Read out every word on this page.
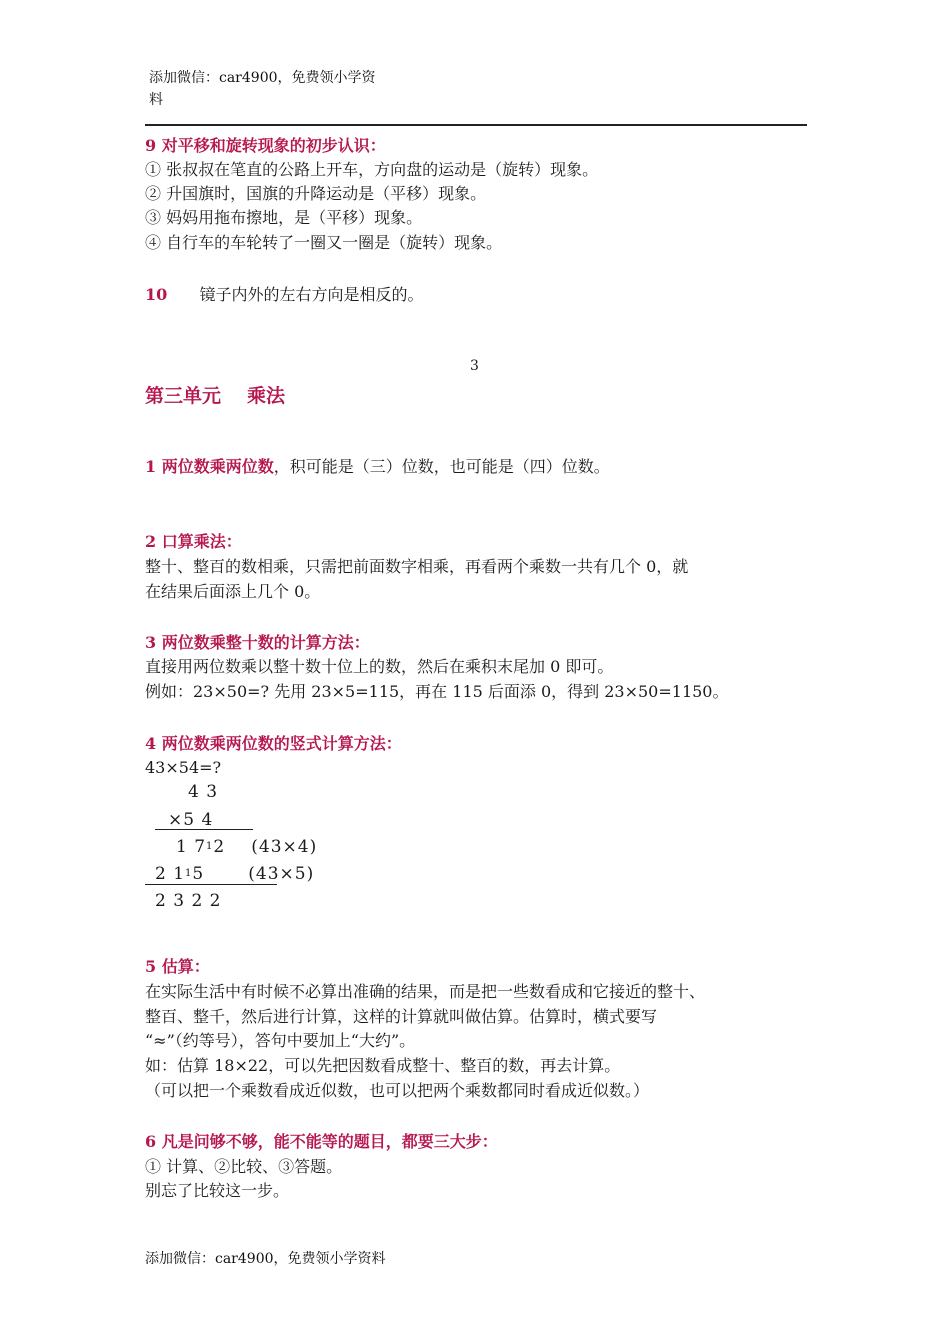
添加微信：car4900，免费领小学资
料
9 对平移和旋转现象的初步认识：
① 张叔叔在笔直的公路上开车，方向盘的运动是（旋转）现象。
② 升国旗时，国旗的升降运动是（平移）现象。
③ 妈妈用拖布擦地，是（平移）现象。
④ 自行车的车轮转了一圈又一圈是（旋转）现象。
10 镜子内外的左右方向是相反的。
3
第三单元 乘法
1 两位数乘两位数，积可能是（三）位数，也可能是（四）位数。
2 口算乘法：
整十、整百的数相乘，只需把前面数字相乘，再看两个乘数一共有几个 0，就
在结果后面添上几个 0。
3 两位数乘整十数的计算方法：
直接用两位数乘以整十数十位上的数，然后在乘积末尾加 0 即可。
例如：23×50=? 先用 23×5=115，再在 115 后面添 0，得到 23×50=1150。
4 两位数乘两位数的竖式计算方法：
43×54=?
4 3
×5 4
1 $7^12$ (43×4)
2 $1^15$	(43×5)
2 3 2 2
5 估算：
在实际生活中有时候不必算出准确的结果，而是把一些数看成和它接近的整十、
整百、整千，然后进行计算，这样的计算就叫做估算。估算时，横式要写
“≈”（约等号），答句中要加上“大约”。
如：估算 18×22，可以先把因数看成整十、整百的数，再去计算。
（可以把一个乘数看成近似数，也可以把两个乘数都同时看成近似数。）
6 凡是问够不够，能不能等的题目，都要三大步：
① 计算、②比较、③答题。
别忘了比较这一步。
添加微信：car4900，免费领小学资料
